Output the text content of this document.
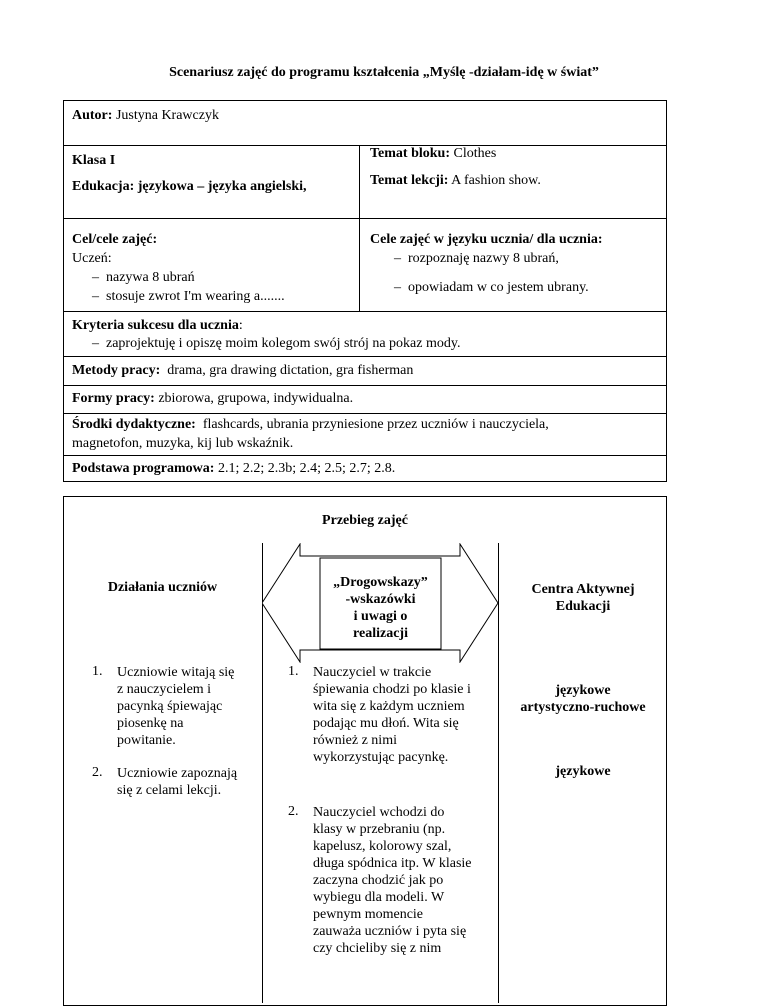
Scenariusz zajęć do programu kształcenia „Myślę -działam-idę w świat”
Autor: Justyna Krawczyk
Klasa I
Edukacja: językowa – języka angielski,
Temat bloku: Clothes
Temat lekcji: A fashion show.
Cel/cele zajęć:
Uczeń:
– nazywa 8 ubrań
– stosuje zwrot I'm wearing a.......
Cele zajęć w języku ucznia/ dla ucznia:
– rozpoznaję nazwy 8 ubrań,
– opowiadam w co jestem ubrany.
Kryteria sukcesu dla ucznia:
– zaprojektuję i opiszę moim kolegom swój strój na pokaz mody.
Metody pracy: drama, gra drawing dictation, gra fisherman
Formy pracy: zbiorowa, grupowa, indywidualna.
Środki dydaktyczne: flashcards, ubrania przyniesione przez uczniów i nauczyciela,
magnetofon, muzyka, kij lub wskaźnik.
Podstawa programowa: 2.1; 2.2; 2.3b; 2.4; 2.5; 2.7; 2.8.
Przebieg zajęć
Działania uczniów	„Drogowskazy”
-wskazówki
i uwagi o
realizacji
Centra Aktywnej
Edukacji
1. Uczniowie witają się
z nauczycielem i
pacynką śpiewając
piosenkę na
powitanie.
1. Nauczyciel w trakcie
śpiewania chodzi po klasie i
wita się z każdym uczniem
podając mu dłoń. Wita się
również z nimi
wykorzystując pacynkę.
językowe
artystyczno-ruchowe
2. Uczniowie zapoznają
się z celami lekcji.
2. Nauczyciel wchodzi do
klasy w przebraniu (np.
kapelusz, kolorowy szal,
długa spódnica itp. W klasie
zaczyna chodzić jak po
wybiegu dla modeli. W
pewnym momencie
zauważa uczniów i pyta się
czy chcieliby się z nim
językowe
